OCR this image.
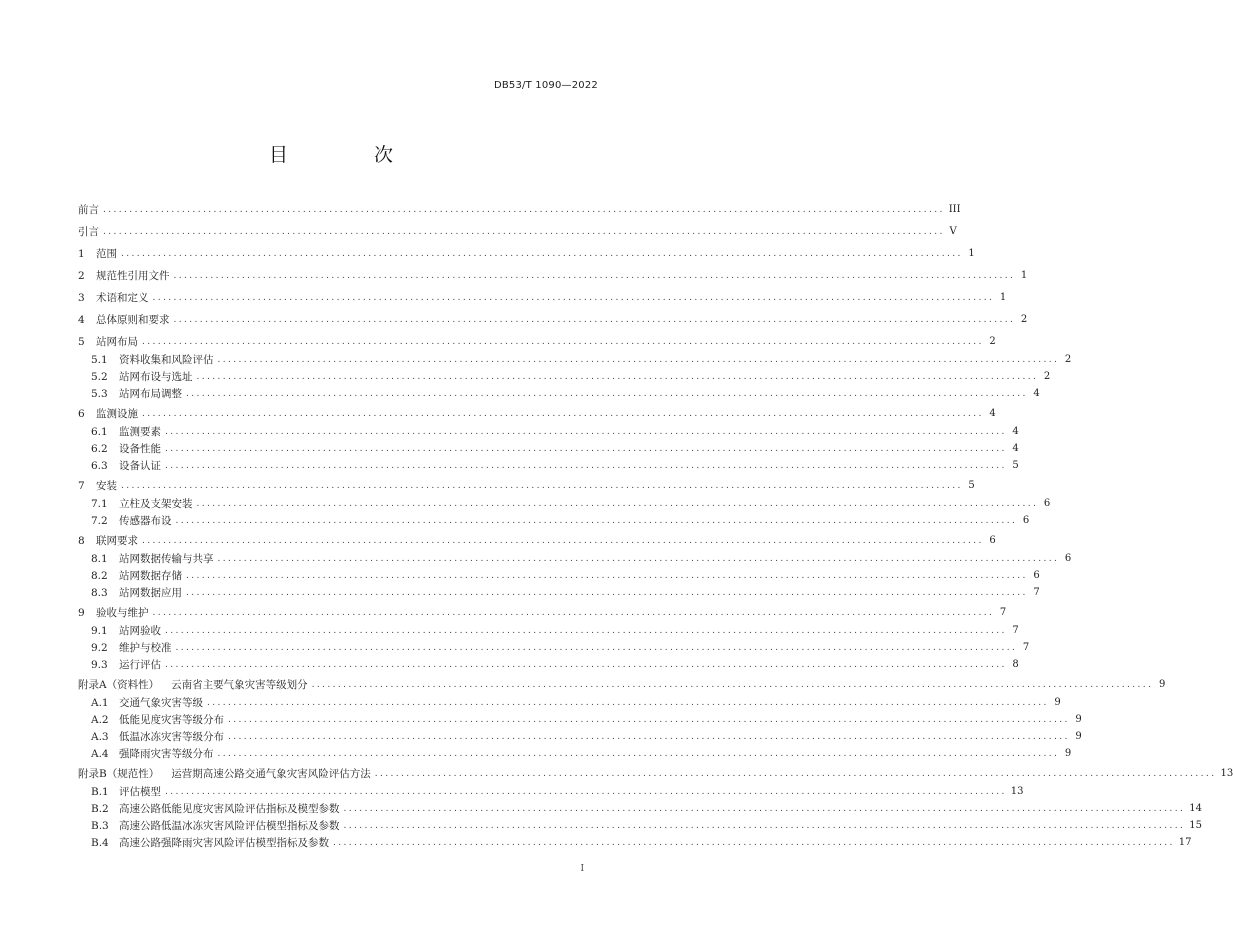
DB53/T 1090—2022
目 次
前言 ................................................................................................................................................................ III
引言 ................................................................................................................................................................ V
1	范围 ................................................................................................................................................................ 1
2	规范性引用文件 ................................................................................................................................................................ 1
3	术语和定义 ................................................................................................................................................................ 1
4	总体原则和要求 ................................................................................................................................................................ 2
5	站网布局 ................................................................................................................................................................ 2
5.1	资料收集和风险评估 ................................................................................................................................................................ 2
5.2	站网布设与选址 ................................................................................................................................................................ 2
5.3	站网布局调整 ................................................................................................................................................................ 4
6	监测设施 ................................................................................................................................................................ 4
6.1	监测要素 ................................................................................................................................................................ 4
6.2	设备性能 ................................................................................................................................................................ 4
6.3	设备认证 ................................................................................................................................................................ 5
7	安装 ................................................................................................................................................................ 5
7.1	立柱及支架安装 ................................................................................................................................................................ 6
7.2	传感器布设 ................................................................................................................................................................ 6
8	联网要求 ................................................................................................................................................................ 6
8.1	站网数据传输与共享 ................................................................................................................................................................ 6
8.2	站网数据存储 ................................................................................................................................................................ 6
8.3	站网数据应用 ................................................................................................................................................................ 7
9	验收与维护 ................................................................................................................................................................ 7
9.1	站网验收 ................................................................................................................................................................ 7
9.2	维护与校准 ................................................................................................................................................................ 7
9.3	运行评估 ................................................................................................................................................................ 8
附录A（资料性） 云南省主要气象灾害等级划分 ................................................................................................................................................................ 9
A.1 交通气象灾害等级 ................................................................................................................................................................ 9
A.2 低能见度灾害等级分布 ................................................................................................................................................................ 9
A.3 低温冰冻灾害等级分布 ................................................................................................................................................................ 9
A.4 强降雨灾害等级分布 ................................................................................................................................................................ 9
附录B（规范性） 运营期高速公路交通气象灾害风险评估方法 ................................................................................................................................................................ 13
B.1 评估模型 ................................................................................................................................................................ 13
B.2 高速公路低能见度灾害风险评估指标及模型参数 ................................................................................................................................................................ 14
B.3 高速公路低温冰冻灾害风险评估模型指标及参数 ................................................................................................................................................................ 15
B.4 高速公路强降雨灾害风险评估模型指标及参数 ................................................................................................................................................................ 17
I
